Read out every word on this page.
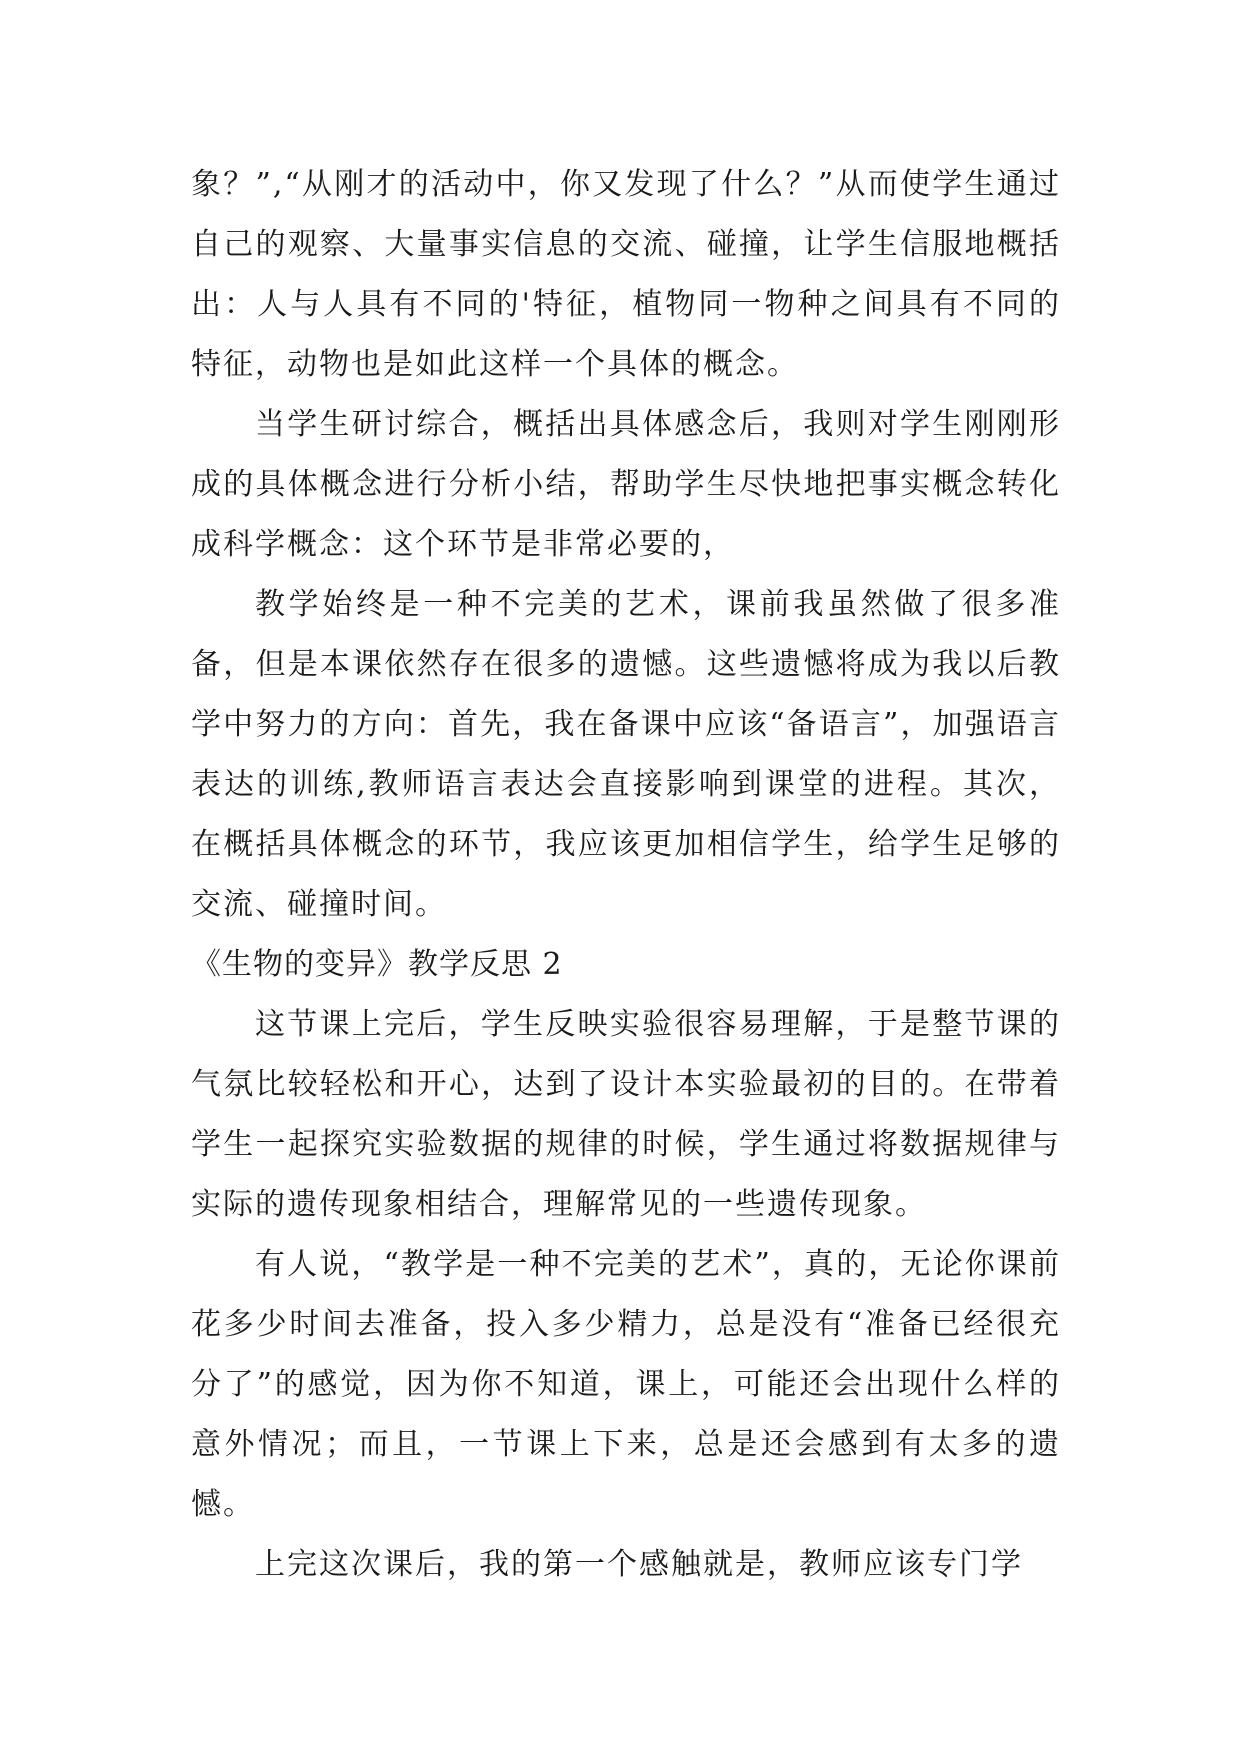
象？”,“从刚才的活动中，你又发现了什么？”从而使学生通过自己的观察、大量事实信息的交流、碰撞，让学生信服地概括出：人与人具有不同的'特征，植物同一物种之间具有不同的特征，动物也是如此这样一个具体的概念。

当学生研讨综合，概括出具体感念后，我则对学生刚刚形成的具体概念进行分析小结，帮助学生尽快地把事实概念转化成科学概念：这个环节是非常必要的，

教学始终是一种不完美的艺术，课前我虽然做了很多准备，但是本课依然存在很多的遗憾。这些遗憾将成为我以后教学中努力的方向：首先，我在备课中应该“备语言”，加强语言表达的训练,教师语言表达会直接影响到课堂的进程。其次，在概括具体概念的环节，我应该更加相信学生，给学生足够的交流、碰撞时间。

《生物的变异》教学反思 2

这节课上完后，学生反映实验很容易理解，于是整节课的气氛比较轻松和开心，达到了设计本实验最初的目的。在带着学生一起探究实验数据的规律的时候，学生通过将数据规律与实际的遗传现象相结合，理解常见的一些遗传现象。

有人说，“教学是一种不完美的艺术”，真的，无论你课前花多少时间去准备，投入多少精力，总是没有“准备已经很充分了”的感觉，因为你不知道，课上，可能还会出现什么样的意外情况；而且，一节课上下来，总是还会感到有太多的遗憾。

上完这次课后，我的第一个感触就是，教师应该专门学
